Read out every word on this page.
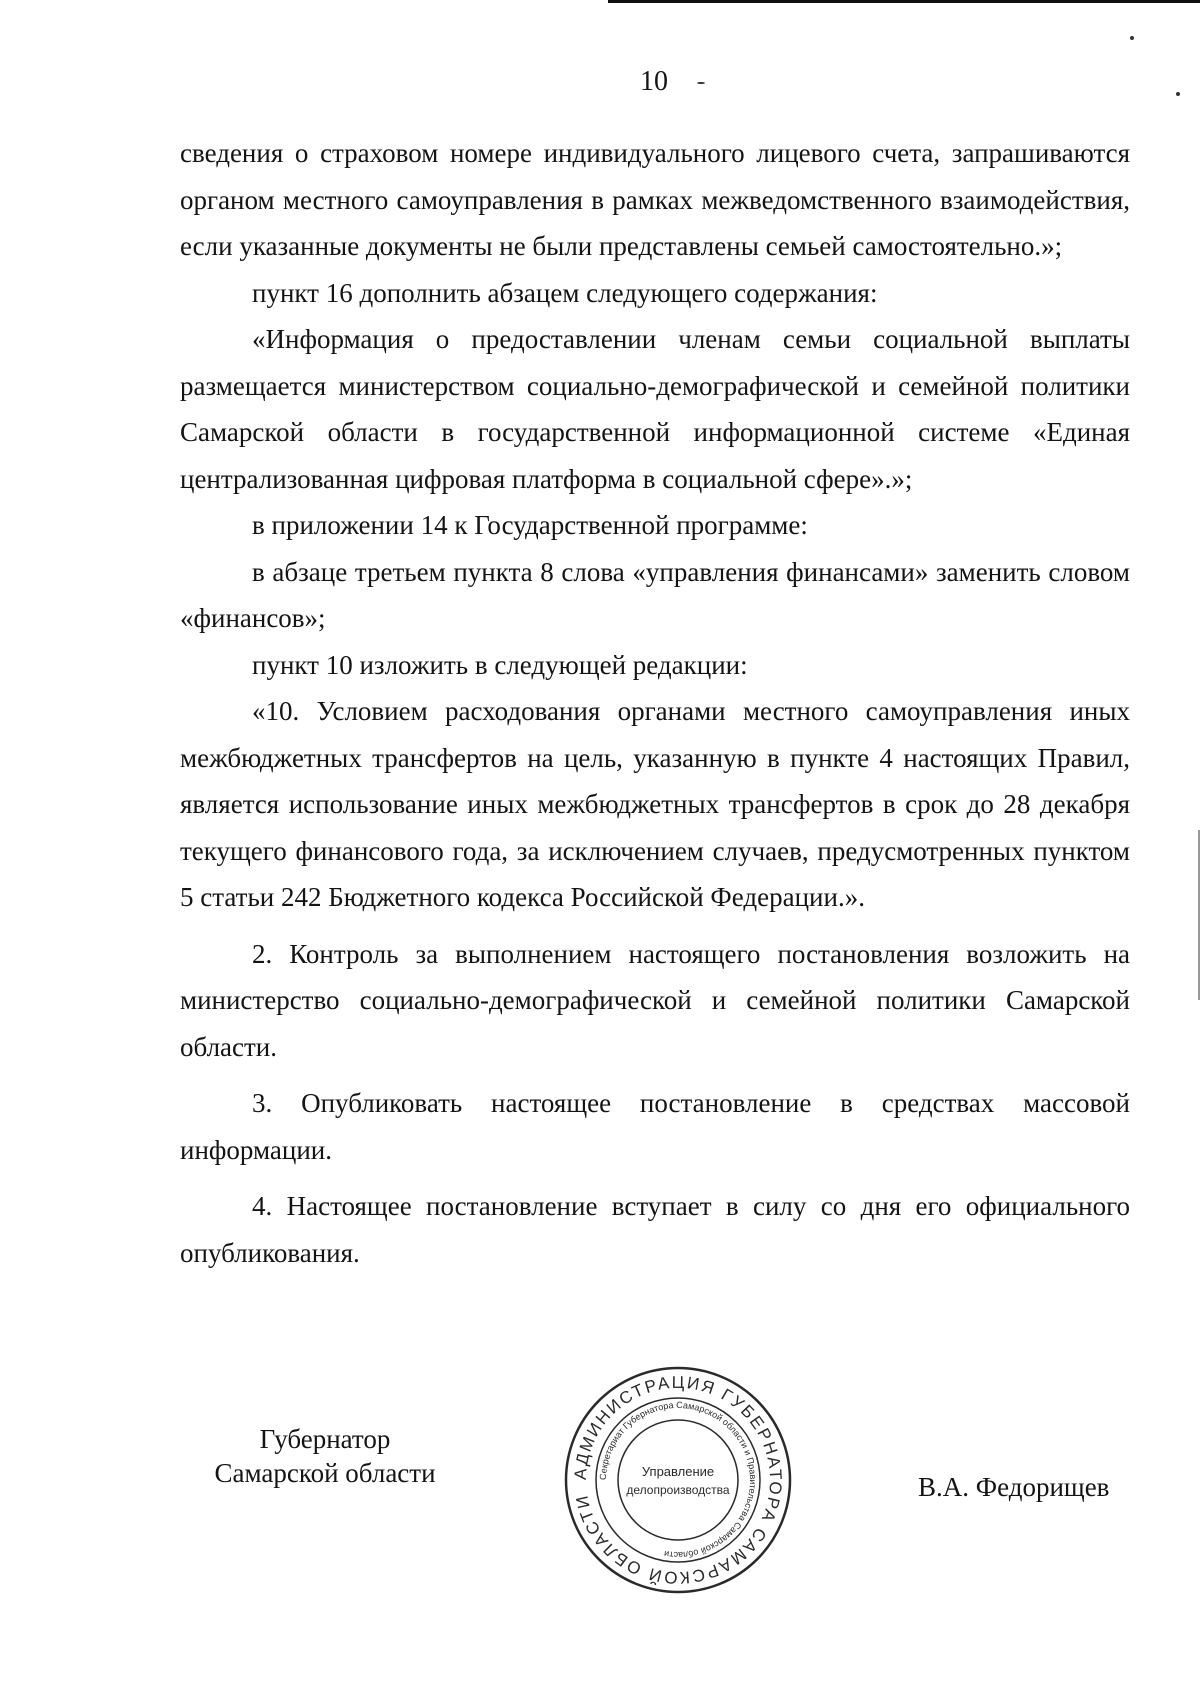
10

сведения о страховом номере индивидуального лицевого счета, запрашиваются органом местного самоуправления в рамках межведомственного взаимодействия, если указанные документы не были представлены семьей самостоятельно.»;

пункт 16 дополнить абзацем следующего содержания:

«Информация о предоставлении членам семьи социальной выплаты размещается министерством социально-демографической и семейной политики Самарской области в государственной информационной системе «Единая централизованная цифровая платформа в социальной сфере».»;

в приложении 14 к Государственной программе:

в абзаце третьем пункта 8 слова «управления финансами» заменить словом «финансов»;

пункт 10 изложить в следующей редакции:

«10. Условием расходования органами местного самоуправления иных межбюджетных трансфертов на цель, указанную в пункте 4 настоящих Правил, является использование иных межбюджетных трансфертов в срок до 28 декабря текущего финансового года, за исключением случаев, предусмотренных пунктом 5 статьи 242 Бюджетного кодекса Российской Федерации.».

2. Контроль за выполнением настоящего постановления возложить на министерство социально-демографической и семейной политики Самарской области.

3. Опубликовать настоящее постановление в средствах массовой информации.

4. Настоящее постановление вступает в силу со дня его официального опубликования.

Губернатор
Самарской области	АДМИНИСТРАЦИЯ ГУБЕРНАТОРА САМАРСКОЙ ОБЛАСТИ
Секретариат Губернатора Самарской области и Правительства Самарской области
Управление
делопроизводства	В.А. Федорищев
